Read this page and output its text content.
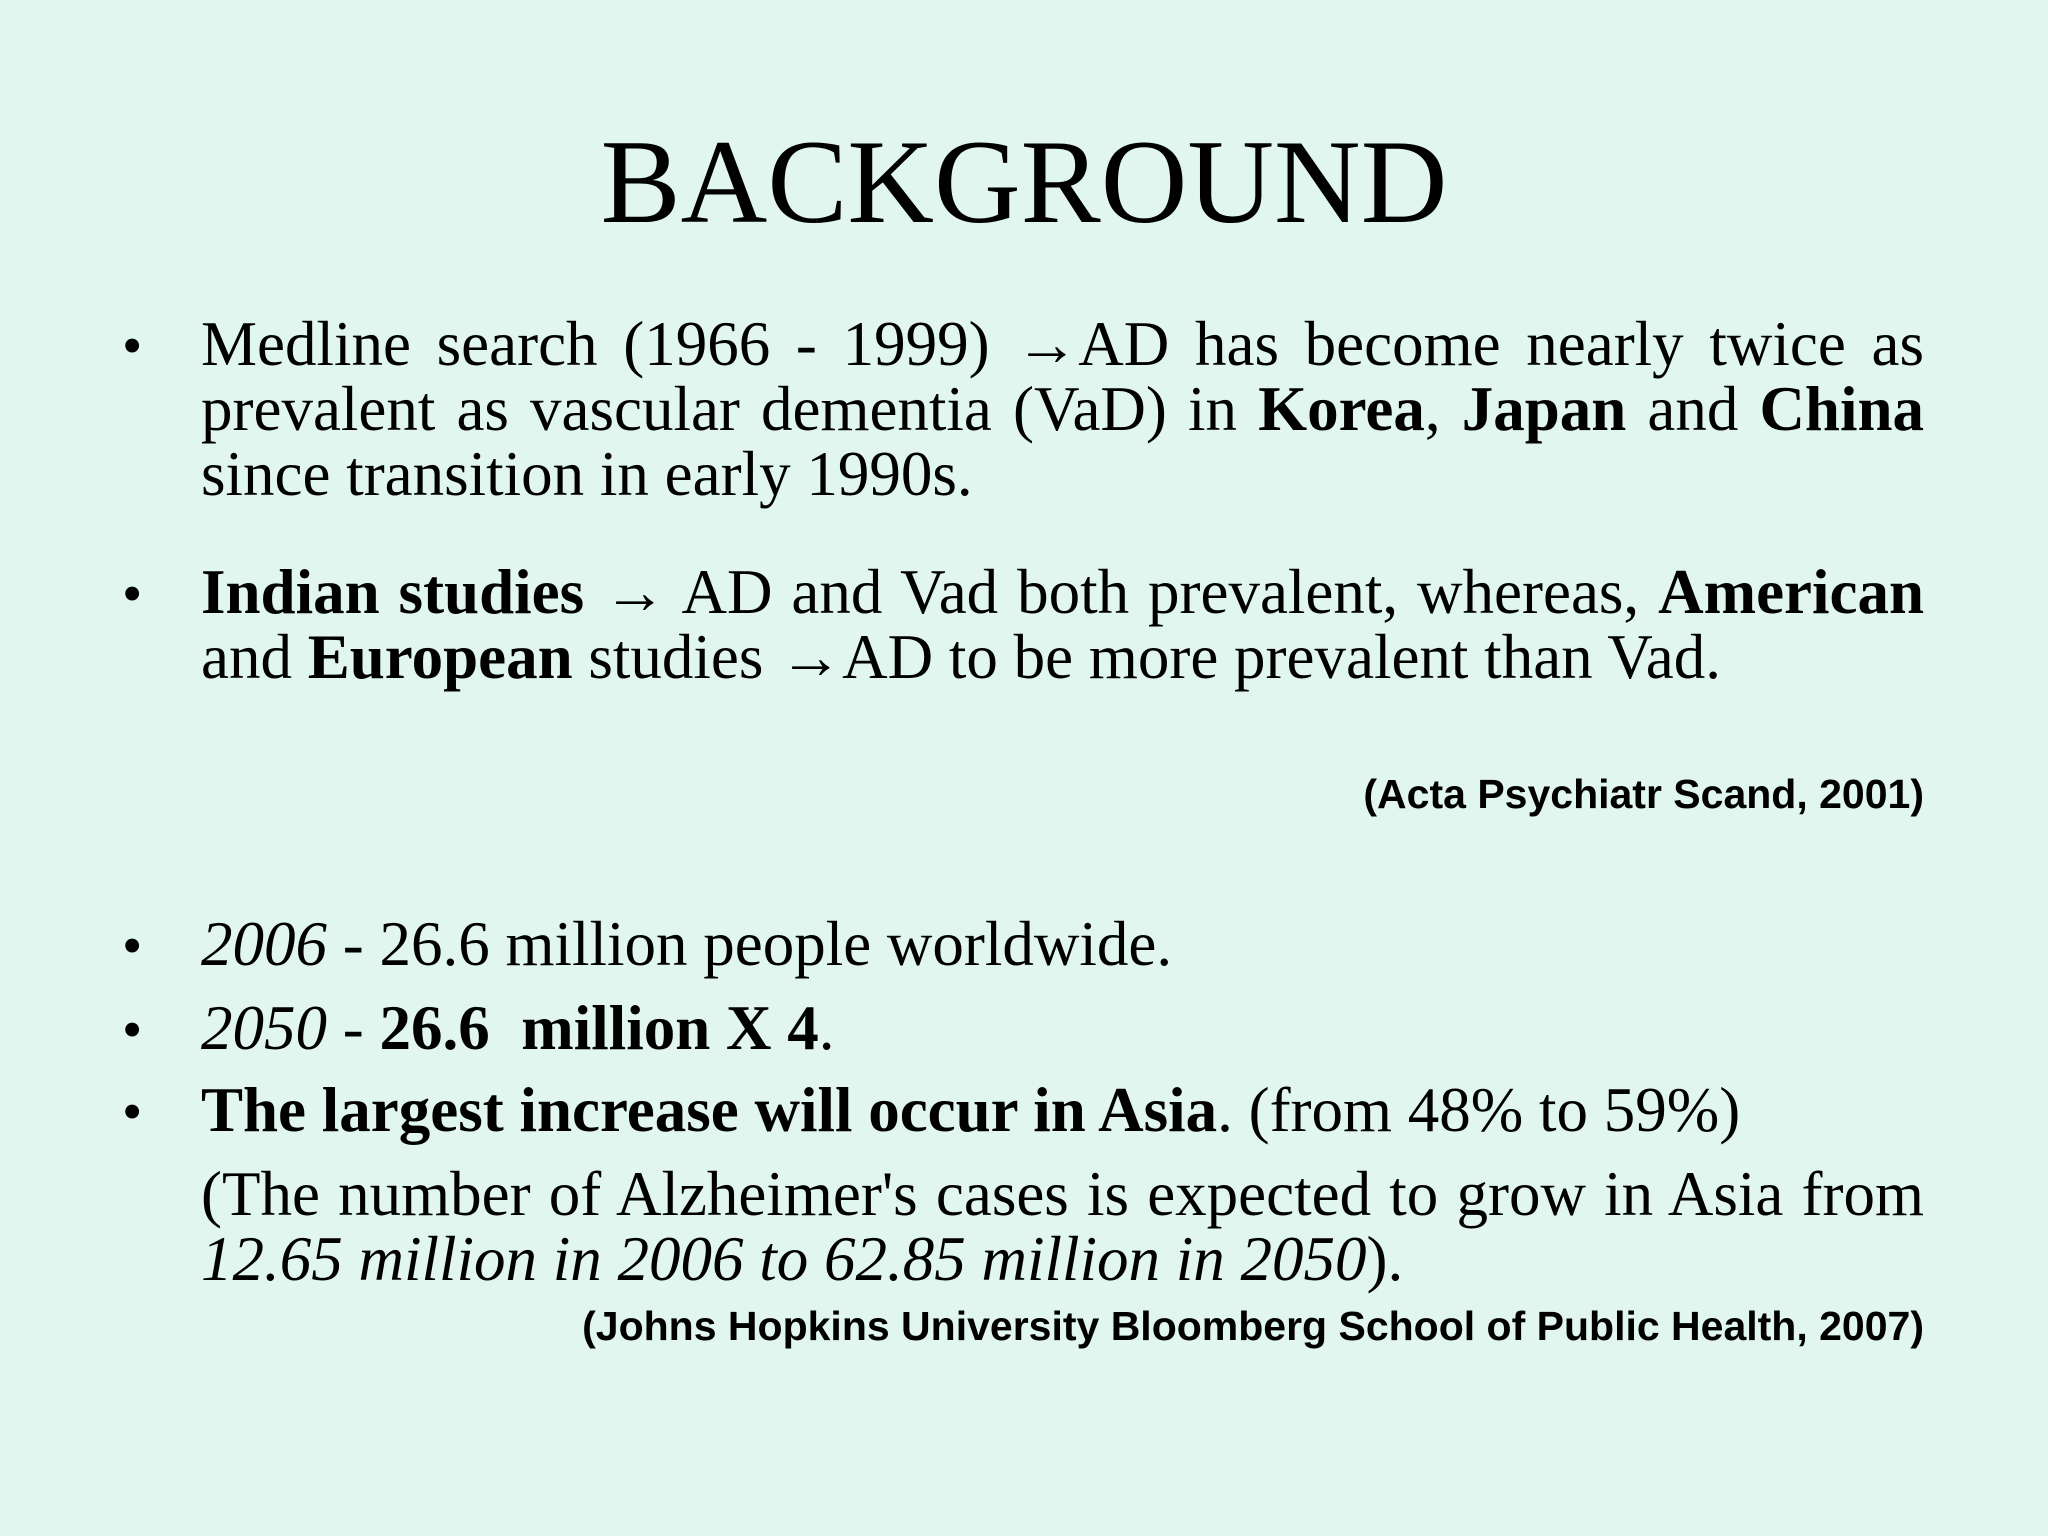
BACKGROUND
• Medline search (1966 - 1999) →AD has become nearly twice as prevalent as vascular dementia (VaD) in Korea, Japan and China since transition in early 1990s.
• Indian studies → AD and Vad both prevalent, whereas, American and European studies →AD to be more prevalent than Vad.
(Acta Psychiatr Scand, 2001)
• 2006 - 26.6 million people worldwide.
• 2050 - 26.6  million X 4.
• The largest increase will occur in Asia. (from 48% to 59%)
(The number of Alzheimer's cases is expected to grow in Asia from 12.65 million in 2006 to 62.85 million in 2050).
(Johns Hopkins University Bloomberg School of Public Health, 2007)
